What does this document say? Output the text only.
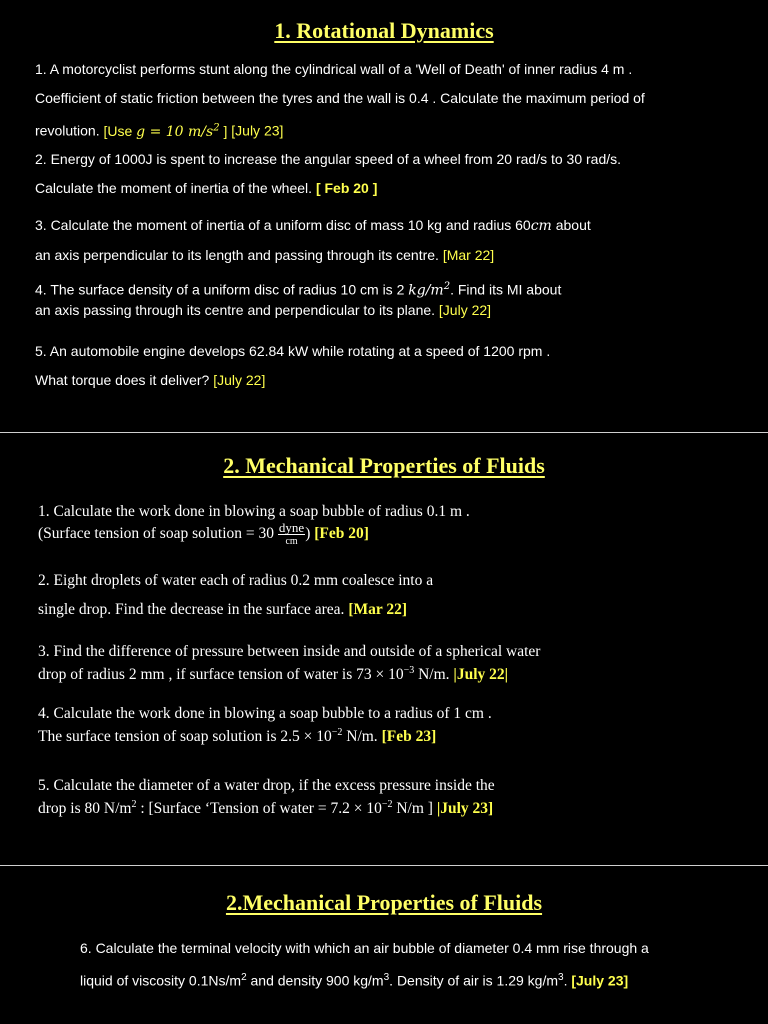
1. Rotational Dynamics

1. A motorcyclist performs stunt along the cylindrical wall of a 'Well of Death' of inner radius 4 m .

Coefficient of static friction between the tyres and the wall is 0.4 . Calculate the maximum period of

revolution. [Use g = 10 $m/s^2$ ] [July 23]

2. Energy of 1000J is spent to increase the angular speed of a wheel from 20 rad/s to 30 rad/s.

Calculate the moment of inertia of the wheel. [ Feb 20 ]

3. Calculate the moment of inertia of a uniform disc of mass 10 kg and radius 60cm about

an axis perpendicular to its length and passing through its centre. [Mar 22]

4. The surface density of a uniform disc of radius 10 cm is 2 $kg/m^2$. Find its MI about

an axis passing through its centre and perpendicular to its plane. [July 22]

5. An automobile engine develops 62.84 kW while rotating at a speed of 1200 rpm .

What torque does it deliver? [July 22]

2. Mechanical Properties of Fluids

1. Calculate the work done in blowing a soap bubble of radius 0.1 m .

(Surface tension of soap solution = $30 \frac{\text{dyne}}{cm}$ ) [Feb 20]

2. Eight droplets of water each of radius 0.2 mm coalesce into a

single drop. Find the decrease in the surface area. [Mar 22]

3. Find the difference of pressure between inside and outside of a spherical water

drop of radius 2 mm , if surface tension of water is $73 \times 10^{-3}$ N/m. |July 22|

4. Calculate the work done in blowing a soap bubble to a radius of 1 cm .

The surface tension of soap solution is $2.5 \times 10^{-2}$ N/m. [Feb 23]

5. Calculate the diameter of a water drop, if the excess pressure inside the

drop is 80 $N/m^2$ : [Surface ‘Tension of water = $7.2 \times 10^{-2}$ N/m ] |July 23]

2.Mechanical Properties of Fluids

6. Calculate the terminal velocity with which an air bubble of diameter 0.4 mm rise through a

liquid of viscosity $0.1Ns/m^2$ and density 900 $kg/m^3$. Density of air is 1.29 $kg/m^3$. [July 23]
